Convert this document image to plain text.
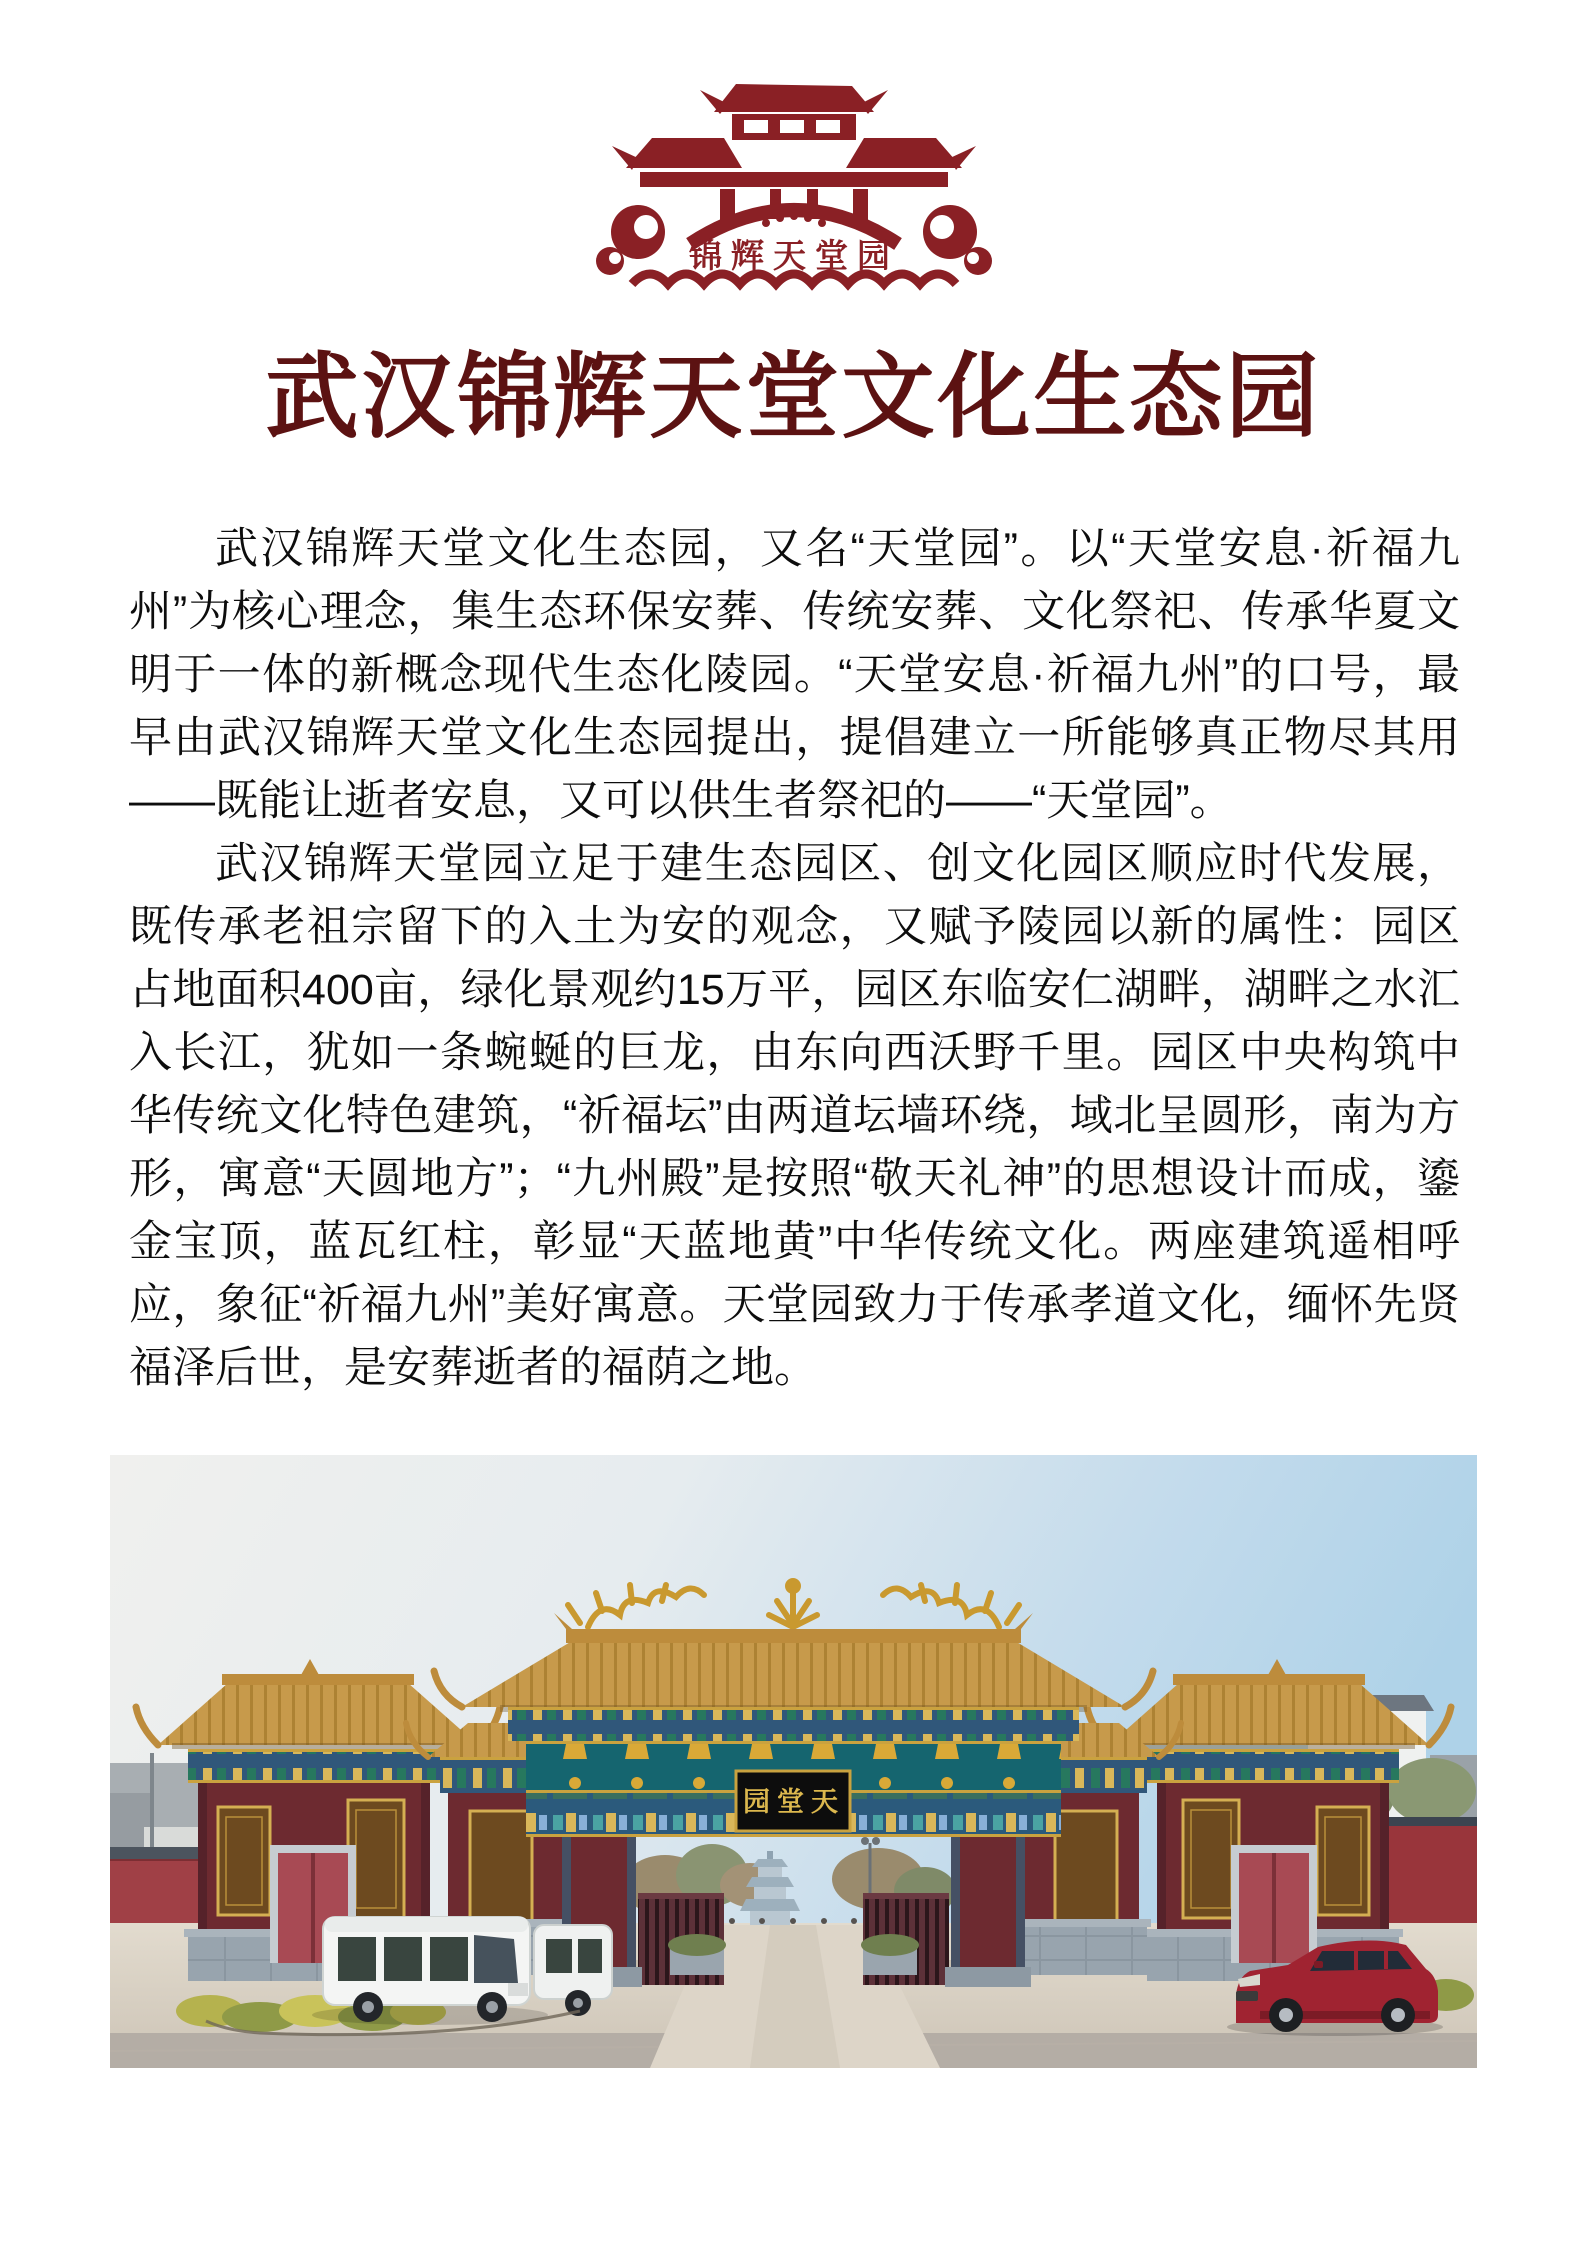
锦辉天堂园
武汉锦辉天堂文化生态园

武汉锦辉天堂文化生态园，又名“天堂园”。以“天堂安息·祈福九州”为核心理念，集生态环保安葬、传统安葬、文化祭祀、传承华夏文明于一体的新概念现代生态化陵园。“天堂安息·祈福九州”的口号，最早由武汉锦辉天堂文化生态园提出，提倡建立一所能够真正物尽其用——既能让逝者安息，又可以供生者祭祀的——“天堂园”。

武汉锦辉天堂园立足于建生态园区、创文化园区顺应时代发展，既传承老祖宗留下的入土为安的观念，又赋予陵园以新的属性：园区占地面积400亩，绿化景观约15万平，园区东临安仁湖畔，湖畔之水汇入长江，犹如一条蜿蜒的巨龙，由东向西沃野千里。园区中央构筑中华传统文化特色建筑，“祈福坛”由两道坛墙环绕，域北呈圆形，南为方形，寓意“天圆地方”；“九州殿”是按照“敬天礼神”的思想设计而成，鎏金宝顶，蓝瓦红柱，彰显“天蓝地黄”中华传统文化。两座建筑遥相呼应，象征“祈福九州”美好寓意。天堂园致力于传承孝道文化，缅怀先贤福泽后世，是安葬逝者的福荫之地。

园堂天
